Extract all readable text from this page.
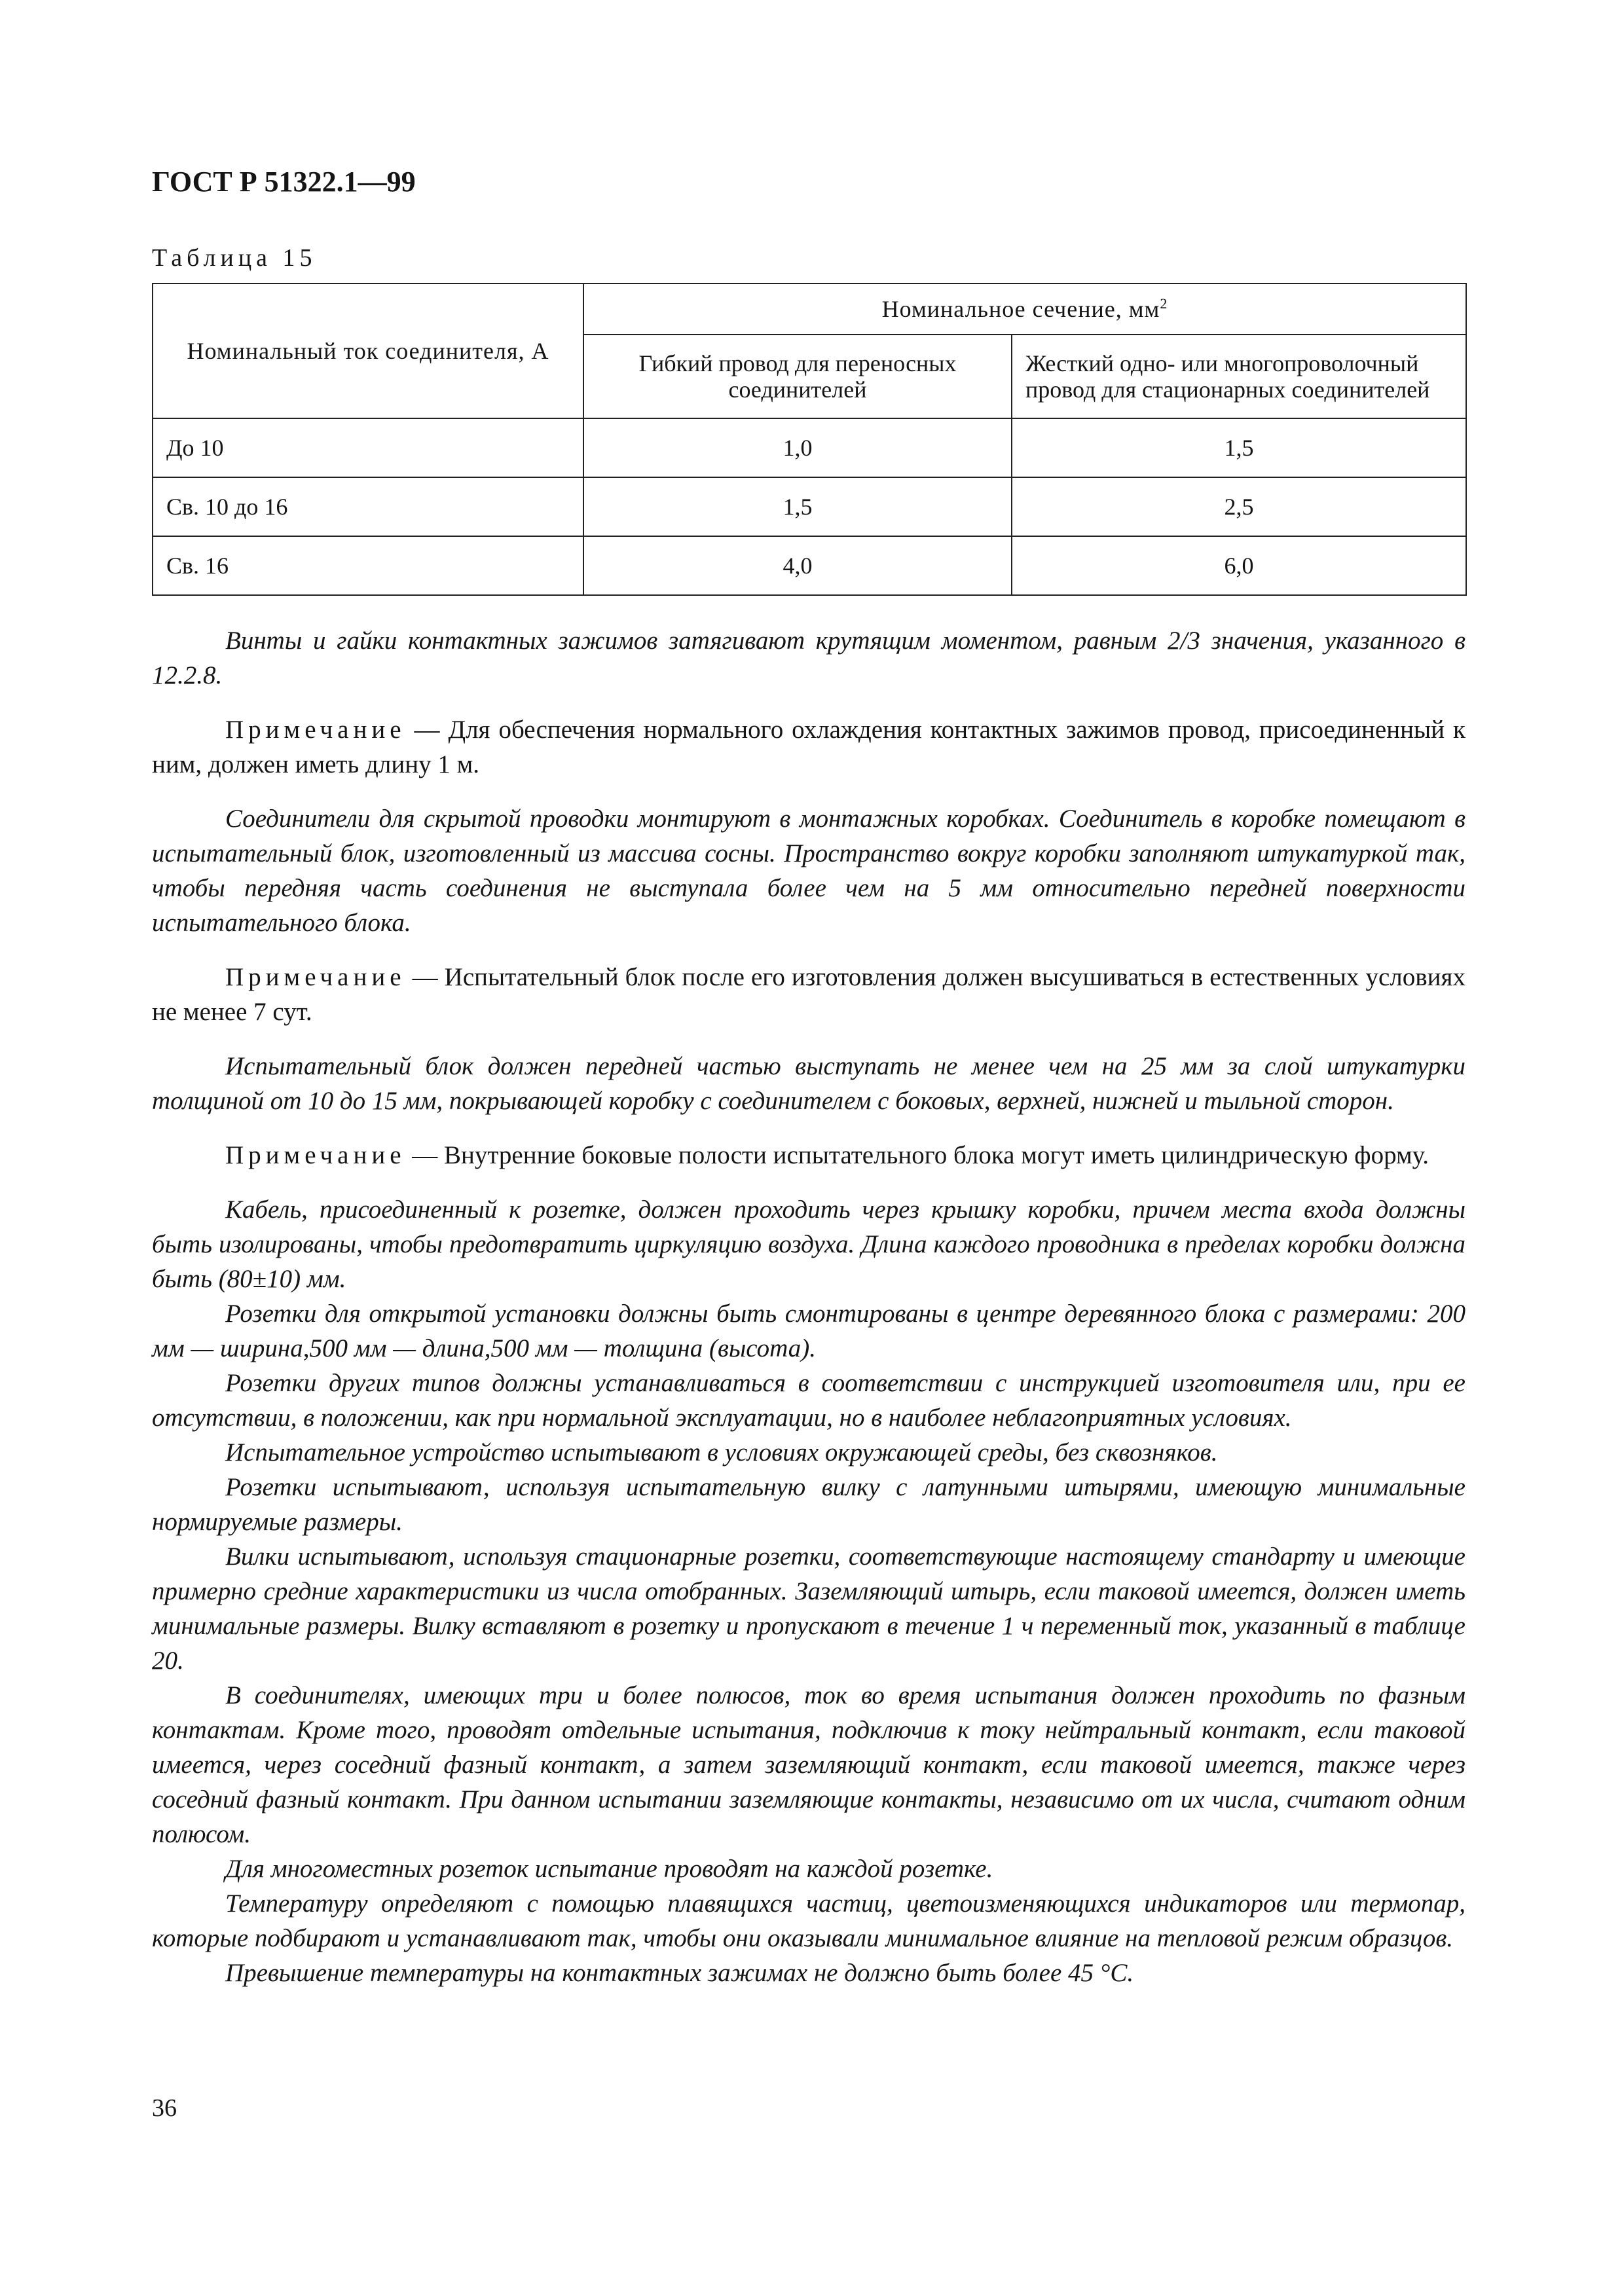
ГОСТ Р 51322.1—99
Таблица 15
Номинальный ток соединителя, А	Номинальное сечение, $мм^2$
	Гибкий провод для переносных соединителей	Жесткий одно- или многопроволочный провод для стационарных соединителей
До 10	1,0	1,5
Св. 10 до 16	1,5	2,5
Св. 16	4,0	6,0

Винты и гайки контактных зажимов затягивают крутящим моментом, равным 2/3 значения, указанного в 12.2.8.

Примечание — Для обеспечения нормального охлаждения контактных зажимов провод, присоединенный к ним, должен иметь длину 1 м.

Соединители для скрытой проводки монтируют в монтажных коробках. Соединитель в коробке помещают в испытательный блок, изготовленный из массива сосны. Пространство вокруг коробки заполняют штукатуркой так, чтобы передняя часть соединения не выступала более чем на 5 мм относительно передней поверхности испытательного блока.

Примечание — Испытательный блок после его изготовления должен высушиваться в естественных условиях не менее 7 сут.

Испытательный блок должен передней частью выступать не менее чем на 25 мм за слой штукатурки толщиной от 10 до 15 мм, покрывающей коробку с соединителем с боковых, верхней, нижней и тыльной сторон.

Примечание — Внутренние боковые полости испытательного блока могут иметь цилиндрическую форму.

Кабель, присоединенный к розетке, должен проходить через крышку коробки, причем места входа должны быть изолированы, чтобы предотвратить циркуляцию воздуха. Длина каждого проводника в пределах коробки должна быть (80±10) мм.

Розетки для открытой установки должны быть смонтированы в центре деревянного блока с размерами: 200 мм — ширина,500 мм — длина,500 мм — толщина (высота).

Розетки других типов должны устанавливаться в соответствии с инструкцией изготовителя или, при ее отсутствии, в положении, как при нормальной эксплуатации, но в наиболее неблагоприятных условиях.

Испытательное устройство испытывают в условиях окружающей среды, без сквозняков.

Розетки испытывают, используя испытательную вилку с латунными штырями, имеющую минимальные нормируемые размеры.

Вилки испытывают, используя стационарные розетки, соответствующие настоящему стандарту и имеющие примерно средние характеристики из числа отобранных. Заземляющий штырь, если таковой имеется, должен иметь минимальные размеры. Вилку вставляют в розетку и пропускают в течение 1 ч переменный ток, указанный в таблице 20.

В соединителях, имеющих три и более полюсов, ток во время испытания должен проходить по фазным контактам. Кроме того, проводят отдельные испытания, подключив к току нейтральный контакт, если таковой имеется, через соседний фазный контакт, а затем заземляющий контакт, если таковой имеется, также через соседний фазный контакт. При данном испытании заземляющие контакты, независимо от их числа, считают одним полюсом.

Для многоместных розеток испытание проводят на каждой розетке.

Температуру определяют с помощью плавящихся частиц, цветоизменяющихся индикаторов или термопар, которые подбирают и устанавливают так, чтобы они оказывали минимальное влияние на тепловой режим образцов.

Превышение температуры на контактных зажимах не должно быть более 45 °С.

36
